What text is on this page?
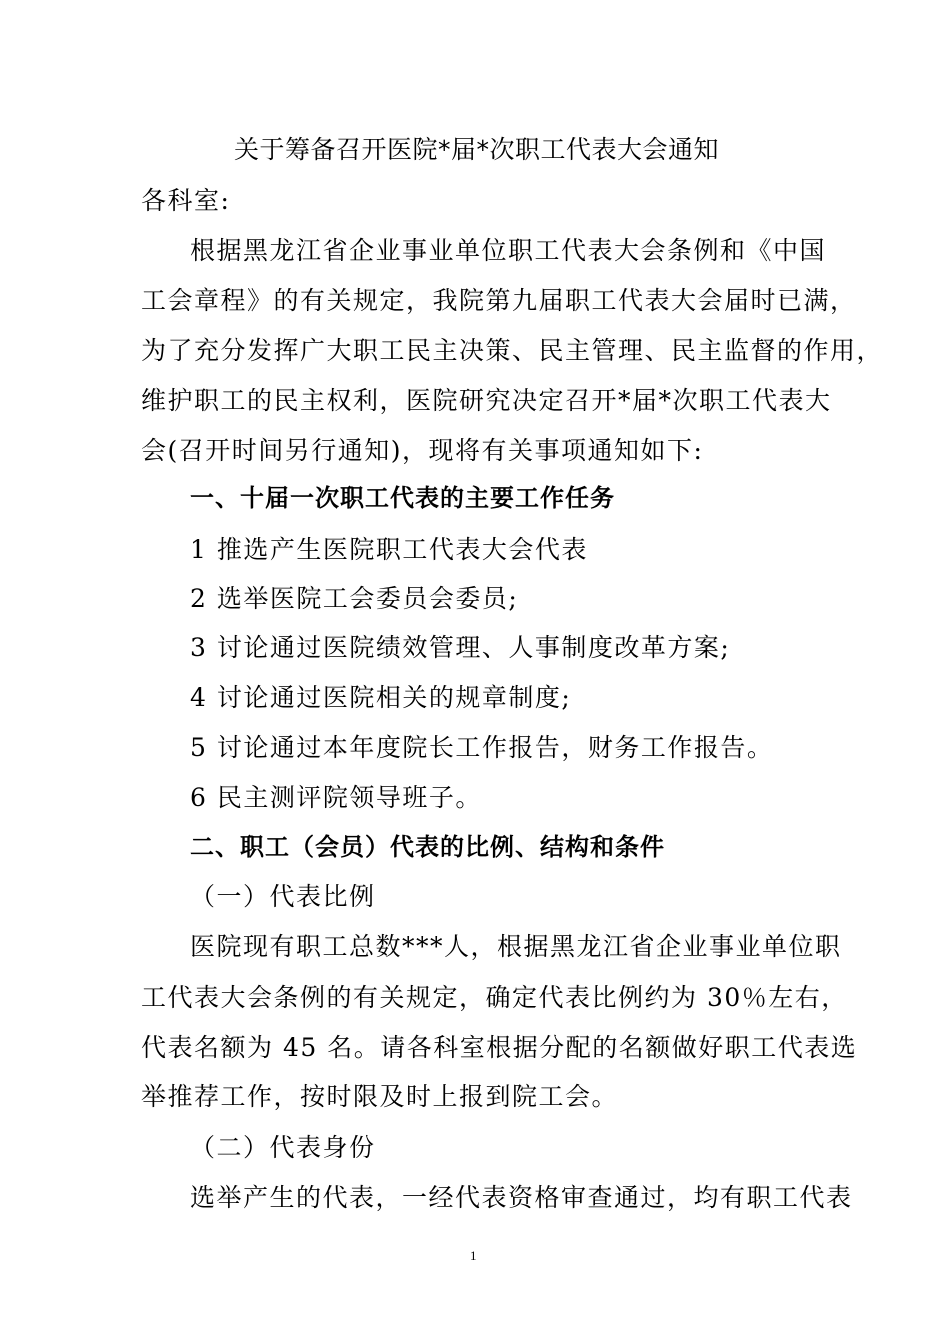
关于筹备召开医院*届*次职工代表大会通知
各科室:
根据黑龙江省企业事业单位职工代表大会条例和《中国
工会章程》的有关规定，我院第九届职工代表大会届时已满，
为了充分发挥广大职工民主决策、民主管理、民主监督的作用，
维护职工的民主权利，医院研究决定召开*届*次职工代表大
会(召开时间另行通知)，现将有关事项通知如下:
一、十届一次职工代表的主要工作任务
1 推选产生医院职工代表大会代表
2 选举医院工会委员会委员;
3 讨论通过医院绩效管理、人事制度改革方案;
4 讨论通过医院相关的规章制度;
5 讨论通过本年度院长工作报告，财务工作报告。
6 民主测评院领导班子。
二、职工（会员）代表的比例、结构和条件
（一）代表比例
医院现有职工总数***人，根据黑龙江省企业事业单位职
工代表大会条例的有关规定，确定代表比例约为 30％左右，
代表名额为 45 名。请各科室根据分配的名额做好职工代表选
举推荐工作，按时限及时上报到院工会。
（二）代表身份
选举产生的代表，一经代表资格审查通过，均有职工代表
1
